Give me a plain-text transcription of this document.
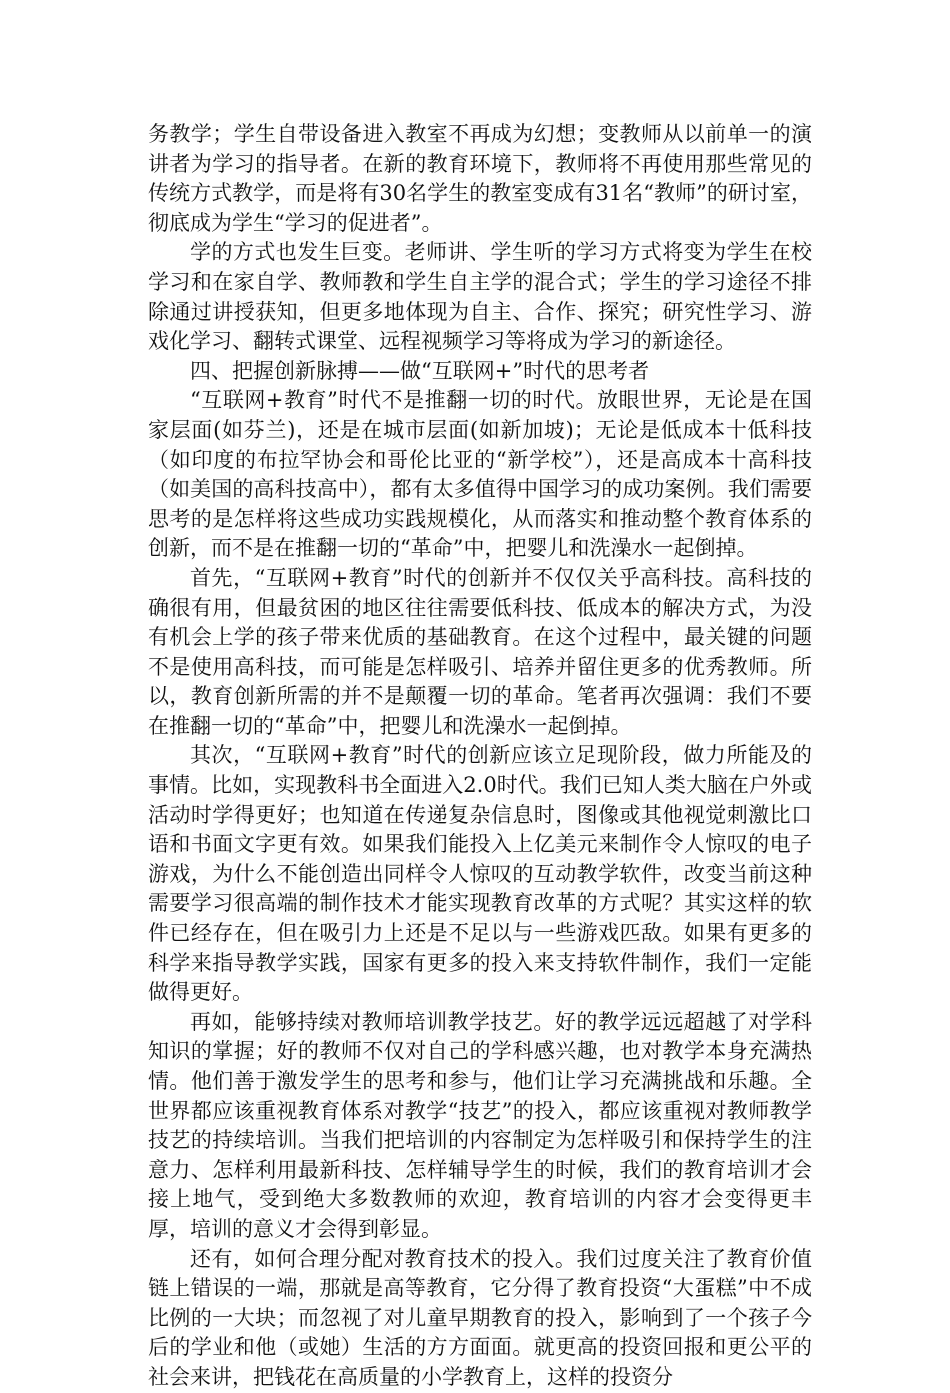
务教学；学生自带设备进入教室不再成为幻想；变教师从以前单一的演讲者为学习的指导者。在新的教育环境下，教师将不再使用那些常见的传统方式教学，而是将有30名学生的教室变成有31名“教师”的研讨室，彻底成为学生“学习的促进者”。

学的方式也发生巨变。老师讲、学生听的学习方式将变为学生在校学习和在家自学、教师教和学生自主学的混合式；学生的学习途径不排除通过讲授获知，但更多地体现为自主、合作、探究；研究性学习、游戏化学习、翻转式课堂、远程视频学习等将成为学习的新途径。

四、把握创新脉搏——做“互联网+”时代的思考者

“互联网+教育”时代不是推翻一切的时代。放眼世界，无论是在国家层面(如芬兰)，还是在城市层面(如新加坡)；无论是低成本十低科技（如印度的布拉罕协会和哥伦比亚的“新学校”），还是高成本十高科技（如美国的高科技高中），都有太多值得中国学习的成功案例。我们需要思考的是怎样将这些成功实践规模化，从而落实和推动整个教育体系的创新，而不是在推翻一切的“革命”中，把婴儿和洗澡水一起倒掉。

首先，“互联网+教育”时代的创新并不仅仅关乎高科技。高科技的确很有用，但最贫困的地区往往需要低科技、低成本的解决方式，为没有机会上学的孩子带来优质的基础教育。在这个过程中，最关键的问题不是使用高科技，而可能是怎样吸引、培养并留住更多的优秀教师。所以，教育创新所需的并不是颠覆一切的革命。笔者再次强调：我们不要在推翻一切的“革命”中，把婴儿和洗澡水一起倒掉。

其次，“互联网+教育”时代的创新应该立足现阶段，做力所能及的事情。比如，实现教科书全面进入2.0时代。我们已知人类大脑在户外或活动时学得更好；也知道在传递复杂信息时，图像或其他视觉刺激比口语和书面文字更有效。如果我们能投入上亿美元来制作令人惊叹的电子游戏，为什么不能创造出同样令人惊叹的互动教学软件，改变当前这种需要学习很高端的制作技术才能实现教育改革的方式呢？其实这样的软件已经存在，但在吸引力上还是不足以与一些游戏匹敌。如果有更多的科学来指导教学实践，国家有更多的投入来支持软件制作，我们一定能做得更好。

再如，能够持续对教师培训教学技艺。好的教学远远超越了对学科知识的掌握；好的教师不仅对自己的学科感兴趣，也对教学本身充满热情。他们善于激发学生的思考和参与，他们让学习充满挑战和乐趣。全世界都应该重视教育体系对教学“技艺”的投入，都应该重视对教师教学技艺的持续培训。当我们把培训的内容制定为怎样吸引和保持学生的注意力、怎样利用最新科技、怎样辅导学生的时候，我们的教育培训才会接上地气，受到绝大多数教师的欢迎，教育培训的内容才会变得更丰厚，培训的意义才会得到彰显。

还有，如何合理分配对教育技术的投入。我们过度关注了教育价值链上错误的一端，那就是高等教育，它分得了教育投资“大蛋糕”中不成比例的一大块；而忽视了对儿童早期教育的投入，影响到了一个孩子今后的学业和他（或她）生活的方方面面。就更高的投资回报和更公平的社会来讲，把钱花在高质量的小学教育上，这样的投资分
